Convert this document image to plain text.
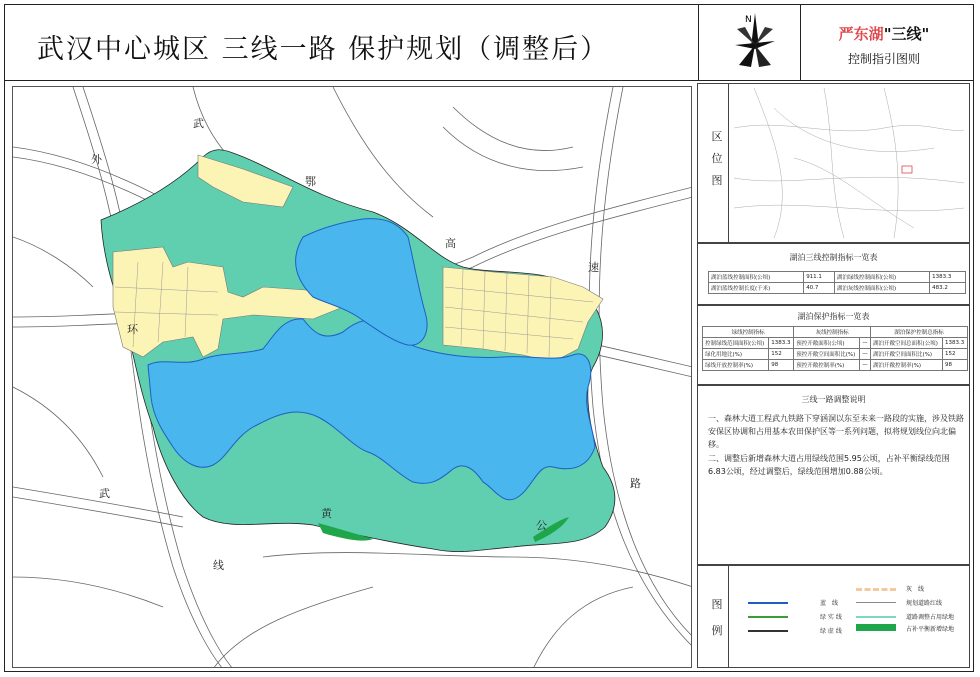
武汉中心城区 三线一路 保护规划（调整后）
N
严东湖"三线"
控制指引图则
武
外
鄂
高
速
环
武
线
黄
公
路
区
位
图
湖泊三线控制指标一览表
湖泊蓝线控制面积(公顷)	911.1	湖泊绿线控制面积(公顷)	1383.3
湖泊蓝线控制长度(千米)	40.7	湖泊灰线控制面积(公顷)	483.2
湖泊保护指标一览表
绿线控制指标		灰线控制指标		湖泊保护控制总指标	
控制绿线范围面积(公顷)	1383.3	预控开敞面积(公顷)	—	湖泊开敞空间总面积(公顷)	1383.3
绿化用地比(%)	152	预控开敞空间面积比(%)	—	湖泊开敞空间面积比(%)	152
绿线开放控制率(%)	98	预控开敞控制率(%)	—	湖泊开敞控制率(%)	98
三线一路调整说明
一、森林大道工程武九铁路下穿涵洞以东至未来一路段的实施，涉及铁路安保区协调和占用基本农田保护区等一系列问题，拟将规划线位向北偏移。
二、调整后新增森林大道占用绿线范围5.95公顷，占补平衡绿线范围6.83公顷，经过调整后，绿线范围增加0.88公顷。
图
例
蓝　线
绿 实 线
绿 虚 线
灰　线
规划道路红线
道路调整占用绿地
占补平衡新增绿地
